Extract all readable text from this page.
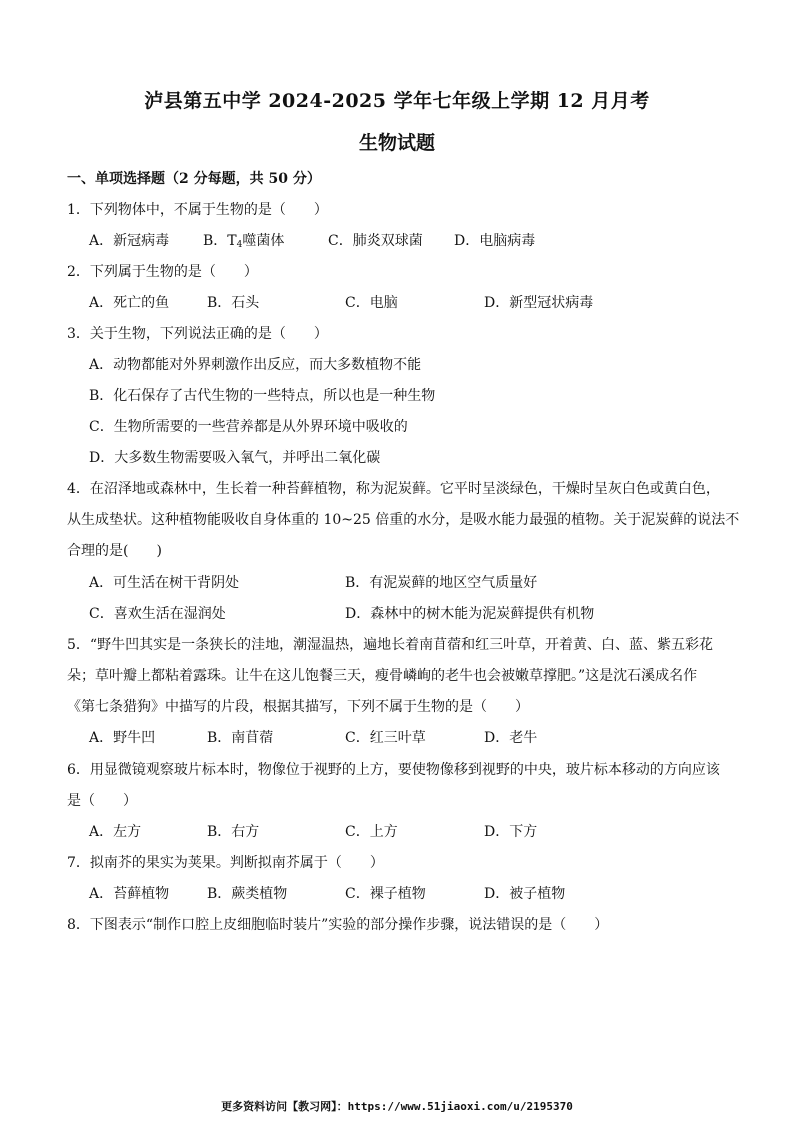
泸县第五中学 2024-2025 学年七年级上学期 12 月月考
生物试题
一、单项选择题（2 分每题，共 50 分）
1．下列物体中，不属于生物的是（　　）
A．新冠病毒 B．$T_4$噬菌体	C．肺炎双球菌 D．电脑病毒
2．下列属于生物的是（　　）
A．死亡的鱼	B．石头	C．电脑	D．新型冠状病毒
3．关于生物，下列说法正确的是（　　）
A．动物都能对外界刺激作出反应，而大多数植物不能
B．化石保存了古代生物的一些特点，所以也是一种生物
C．生物所需要的一些营养都是从外界环境中吸收的
D．大多数生物需要吸入氧气，并呼出二氧化碳
4．在沼泽地或森林中，生长着一种苔藓植物，称为泥炭藓。它平时呈淡绿色，干燥时呈灰白色或黄白色，
从生成垫状。这种植物能吸收自身体重的 10~25 倍重的水分，是吸水能力最强的植物。关于泥炭藓的说法不
合理的是(　　)
A．可生活在树干背阴处	B．有泥炭藓的地区空气质量好
C．喜欢生活在湿润处	D．森林中的树木能为泥炭藓提供有机物
5．“野牛凹其实是一条狭长的洼地，潮湿温热，遍地长着南苜蓿和红三叶草，开着黄、白、蓝、紫五彩花
朵；草叶瓣上都粘着露珠。让牛在这儿饱餐三天，瘦骨嶙峋的老牛也会被嫩草撑肥。”这是沈石溪成名作
《第七条猎狗》中描写的片段，根据其描写，下列不属于生物的是（　　）
A．野牛凹	B．南苜蓿	C．红三叶草	D．老牛
6．用显微镜观察玻片标本时，物像位于视野的上方，要使物像移到视野的中央，玻片标本移动的方向应该
是（　　）
A．左方	B．右方	C．上方	D．下方
7．拟南芥的果实为荚果。判断拟南芥属于（　　）
A．苔藓植物	B．蕨类植物	C．裸子植物	D．被子植物
8．下图表示“制作口腔上皮细胞临时装片”实验的部分操作步骤，说法错误的是（　　）
更多资料访问【教习网】：https://www.51jiaoxi.com/u/2195370
